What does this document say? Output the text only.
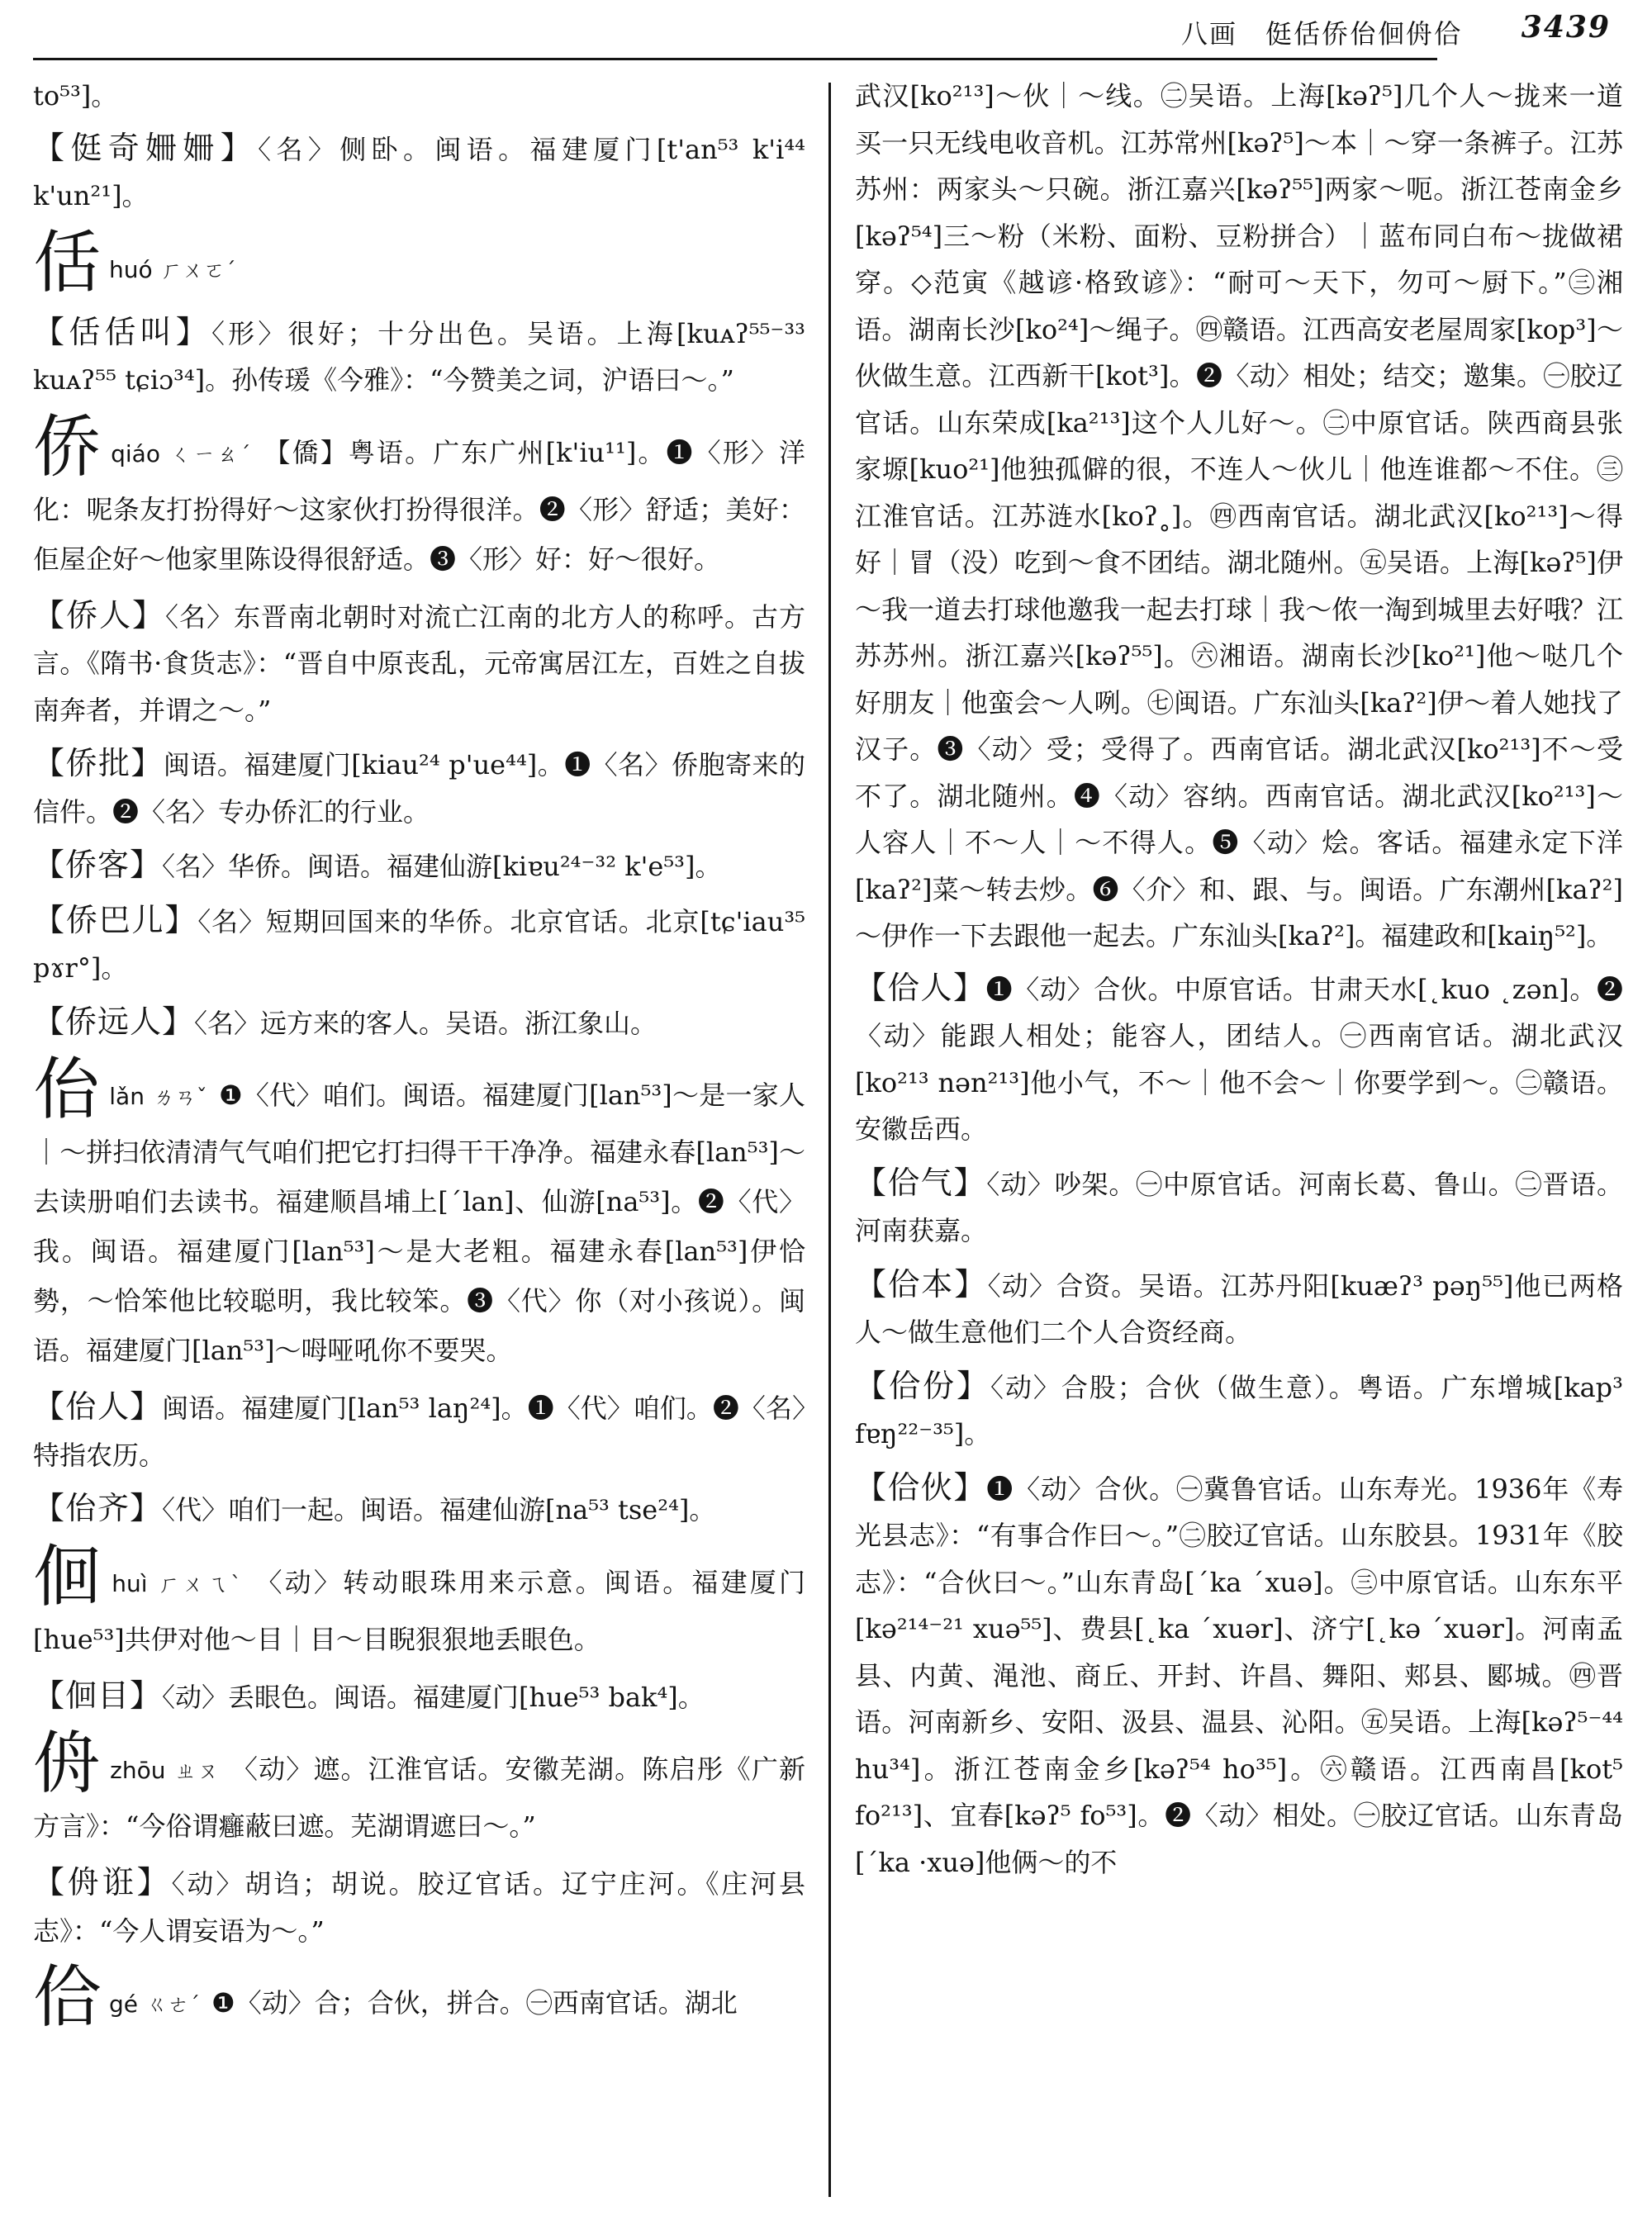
八画　侹佸侨佁佪侜佮 3439
to⁵³]。
【侹奇姍姍】〈名〉侧卧。闽语。福建厦门[t'an⁵³ k'i⁴⁴ k'un²¹]。
佸huó ㄏㄨㄛˊ
【佸佸叫】〈形〉很好；十分出色。吴语。上海[kuᴀʔ⁵⁵⁻³³ kuᴀʔ⁵⁵ tɕiɔ³⁴]。孙传瑗《今雅》：“今赞美之词，沪语曰～。”
侨qiáo ㄑㄧㄠˊ 【僑】粤语。广东广州[k'iu¹¹]。❶〈形〉洋化：呢条友打扮得好～这家伙打扮得很洋。❷〈形〉舒适；美好：佢屋企好～他家里陈设得很舒适。❸〈形〉好：好～很好。
【侨人】〈名〉东晋南北朝时对流亡江南的北方人的称呼。古方言。《隋书·食货志》：“晋自中原丧乱，元帝寓居江左，百姓之自拔南奔者，并谓之～。”
【侨批】闽语。福建厦门[kiau²⁴ p'ue⁴⁴]。❶〈名〉侨胞寄来的信件。❷〈名〉专办侨汇的行业。
【侨客】〈名〉华侨。闽语。福建仙游[kiɐu²⁴⁻³² k'e⁵³]。
【侨巴儿】〈名〉短期回国来的华侨。北京官话。北京[tɕ'iau³⁵ pɤr°]。
【侨远人】〈名〉远方来的客人。吴语。浙江象山。
佁lǎn ㄌㄢˇ ❶〈代〉咱们。闽语。福建厦门[lan⁵³]～是一家人｜～拼扫依清清气气咱们把它打扫得干干净净。福建永春[lan⁵³]～去读册咱们去读书。福建顺昌埔上[ˊlan]、仙游[na⁵³]。❷〈代〉我。闽语。福建厦门[lan⁵³]～是大老粗。福建永春[lan⁵³]伊恰勢，～恰笨他比较聪明，我比较笨。❸〈代〉你（对小孩说）。闽语。福建厦门[lan⁵³]～呣哑吼你不要哭。
【佁人】闽语。福建厦门[lan⁵³ laŋ²⁴]。❶〈代〉咱们。❷〈名〉特指农历。
【佁齐】〈代〉咱们一起。闽语。福建仙游[na⁵³ tse²⁴]。
佪huì ㄏㄨㄟˋ 〈动〉转动眼珠用来示意。闽语。福建厦门[hue⁵³]共伊对他～目｜目～目睨狠狠地丢眼色。
【佪目】〈动〉丢眼色。闽语。福建厦门[hue⁵³ bak⁴]。
侜zhōu ㄓㄡ 〈动〉遮。江淮官话。安徽芜湖。陈启彤《广新方言》：“今俗谓癰蔽曰遮。芜湖谓遮曰～。”
【侜诳】〈动〉胡诌；胡说。胶辽官话。辽宁庄河。《庄河县志》：“今人谓妄语为～。”
佮gé ㄍㄜˊ ❶〈动〉合；合伙，拼合。㊀西南官话。湖北
武汉[ko²¹³]～伙｜～线。㊁吴语。上海[kəʔ⁵]几个人～拢来一道买一只无线电收音机。江苏常州[kəʔ⁵]～本｜～穿一条裤子。江苏苏州：两家头～只碗。浙江嘉兴[kəʔ⁵⁵]两家～呃。浙江苍南金乡[kəʔ⁵⁴]三～粉（米粉、面粉、豆粉拼合）｜蓝布同白布～拢做裙穿。◇范寅《越谚·格致谚》：“耐可～天下，勿可～厨下。”㊂湘语。湖南长沙[ko²⁴]～绳子。㊃赣语。江西高安老屋周家[kop³]～伙做生意。江西新干[kot³]。❷〈动〉相处；结交；邀集。㊀胶辽官话。山东荣成[ka²¹³]这个人儿好～。㊁中原官话。陕西商县张家塬[kuo²¹]他独孤僻的很，不连人～伙儿｜他连谁都～不住。㊂江淮官话。江苏涟水[koʔ˳]。㊃西南官话。湖北武汉[ko²¹³]～得好｜冒（没）吃到～食不团结。湖北随州。㊄吴语。上海[kəʔ⁵]伊～我一道去打球他邀我一起去打球｜我～侬一淘到城里去好哦？江苏苏州。浙江嘉兴[kəʔ⁵⁵]。㊅湘语。湖南长沙[ko²¹]他～哒几个好朋友｜他蛮会～人咧。㊆闽语。广东汕头[kaʔ²]伊～着人她找了汉子。❸〈动〉受；受得了。西南官话。湖北武汉[ko²¹³]不～受不了。湖北随州。❹〈动〉容纳。西南官话。湖北武汉[ko²¹³]～人容人｜不～人｜～不得人。❺〈动〉烩。客话。福建永定下洋[kaʔ²]菜～转去炒。❻〈介〉和、跟、与。闽语。广东潮州[kaʔ²]～伊作一下去跟他一起去。广东汕头[kaʔ²]。福建政和[kaiŋ⁵²]。
【佮人】❶〈动〉合伙。中原官话。甘肃天水[˛kuo ˛zən]。❷〈动〉能跟人相处；能容人，团结人。㊀西南官话。湖北武汉[ko²¹³ nən²¹³]他小气，不～｜他不会～｜你要学到～。㊁赣语。安徽岳西。
【佮气】〈动〉吵架。㊀中原官话。河南长葛、鲁山。㊁晋语。河南获嘉。
【佮本】〈动〉合资。吴语。江苏丹阳[kuæʔ³ pəŋ⁵⁵]他已两格人～做生意他们二个人合资经商。
【佮份】〈动〉合股；合伙（做生意）。粤语。广东增城[kap³ fɐŋ²²⁻³⁵]。
【佮伙】❶〈动〉合伙。㊀冀鲁官话。山东寿光。1936年《寿光县志》：“有事合作曰～。”㊁胶辽官话。山东胶县。1931年《胶志》：“合伙曰～。”山东青岛[ˊka ˊxuə]。㊂中原官话。山东东平[kə²¹⁴⁻²¹ xuə⁵⁵]、费县[˛ka ˊxuər]、济宁[˛kə ˊxuər]。河南孟县、内黄、渑池、商丘、开封、许昌、舞阳、郏县、郾城。㊃晋语。河南新乡、安阳、汲县、温县、沁阳。㊄吴语。上海[kəʔ⁵⁻⁴⁴ hu³⁴]。浙江苍南金乡[kəʔ⁵⁴ ho³⁵]。㊅赣语。江西南昌[kot⁵ fo²¹³]、宜春[kəʔ⁵ fo⁵³]。❷〈动〉相处。㊀胶辽官话。山东青岛[ˊka ·xuə]他俩～的不
